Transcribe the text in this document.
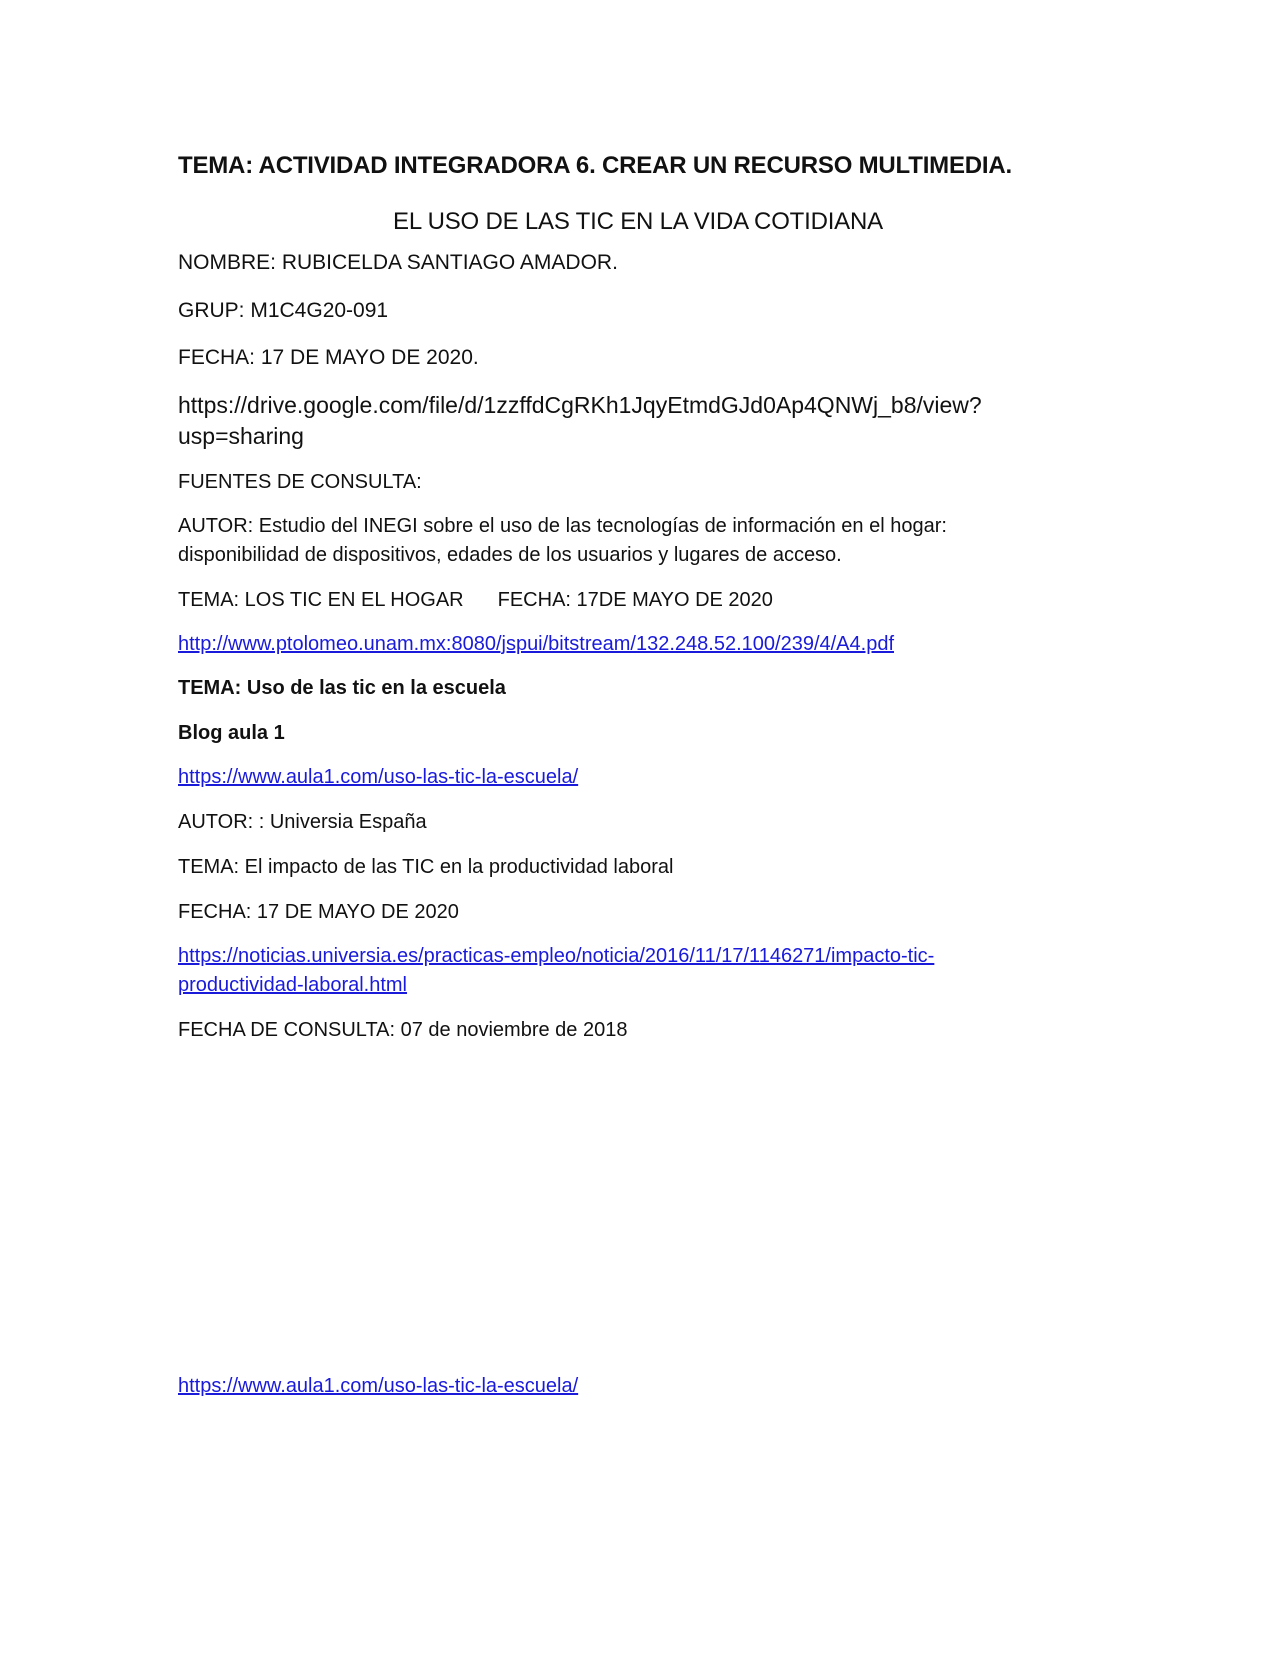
TEMA: ACTIVIDAD INTEGRADORA 6. CREAR UN RECURSO MULTIMEDIA.
EL USO DE LAS TIC EN LA VIDA COTIDIANA
NOMBRE: RUBICELDA SANTIAGO AMADOR.
GRUP: M1C4G20-091
FECHA: 17 DE MAYO DE 2020.
https://drive.google.com/file/d/1zzffdCgRKh1JqyEtmdGJd0Ap4QNWj_b8/view?
usp=sharing
FUENTES DE CONSULTA:
AUTOR: Estudio del INEGI sobre el uso de las tecnologías de información en el hogar:
disponibilidad de dispositivos, edades de los usuarios y lugares de acceso.
TEMA: LOS TIC EN EL HOGAR FECHA: 17DE MAYO DE 2020
http://www.ptolomeo.unam.mx:8080/jspui/bitstream/132.248.52.100/239/4/A4.pdf
TEMA: Uso de las tic en la escuela
Blog aula 1
https://www.aula1.com/uso-las-tic-la-escuela/
AUTOR: : Universia España
TEMA: El impacto de las TIC en la productividad laboral
FECHA: 17 DE MAYO DE 2020
https://noticias.universia.es/practicas-empleo/noticia/2016/11/17/1146271/impacto-tic-
productividad-laboral.html
FECHA DE CONSULTA: 07 de noviembre de 2018
https://www.aula1.com/uso-las-tic-la-escuela/
